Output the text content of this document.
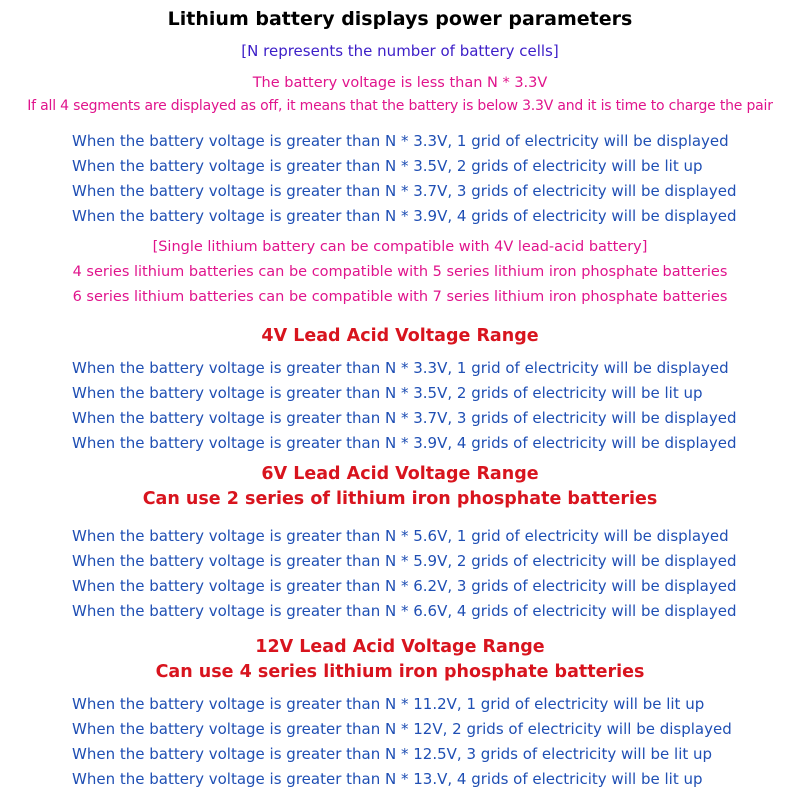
Lithium battery displays power parameters
[N represents the number of battery cells]
The battery voltage is less than N * 3.3V
If all 4 segments are displayed as off, it means that the battery is below 3.3V and it is time to charge the pair
When the battery voltage is greater than N * 3.3V, 1 grid of electricity will be displayed
When the battery voltage is greater than N * 3.5V, 2 grids of electricity will be lit up
When the battery voltage is greater than N * 3.7V, 3 grids of electricity will be displayed
When the battery voltage is greater than N * 3.9V, 4 grids of electricity will be displayed
[Single lithium battery can be compatible with 4V lead-acid battery]
4 series lithium batteries can be compatible with 5 series lithium iron phosphate batteries
6 series lithium batteries can be compatible with 7 series lithium iron phosphate batteries
4V Lead Acid Voltage Range
When the battery voltage is greater than N * 3.3V, 1 grid of electricity will be displayed
When the battery voltage is greater than N * 3.5V, 2 grids of electricity will be lit up
When the battery voltage is greater than N * 3.7V, 3 grids of electricity will be displayed
When the battery voltage is greater than N * 3.9V, 4 grids of electricity will be displayed
6V Lead Acid Voltage Range
Can use 2 series of lithium iron phosphate batteries
When the battery voltage is greater than N * 5.6V, 1 grid of electricity will be displayed
When the battery voltage is greater than N * 5.9V, 2 grids of electricity will be displayed
When the battery voltage is greater than N * 6.2V, 3 grids of electricity will be displayed
When the battery voltage is greater than N * 6.6V, 4 grids of electricity will be displayed
12V Lead Acid Voltage Range
Can use 4 series lithium iron phosphate batteries
When the battery voltage is greater than N * 11.2V, 1 grid of electricity will be lit up
When the battery voltage is greater than N * 12V, 2 grids of electricity will be displayed
When the battery voltage is greater than N * 12.5V, 3 grids of electricity will be lit up
When the battery voltage is greater than N * 13.V, 4 grids of electricity will be lit up
